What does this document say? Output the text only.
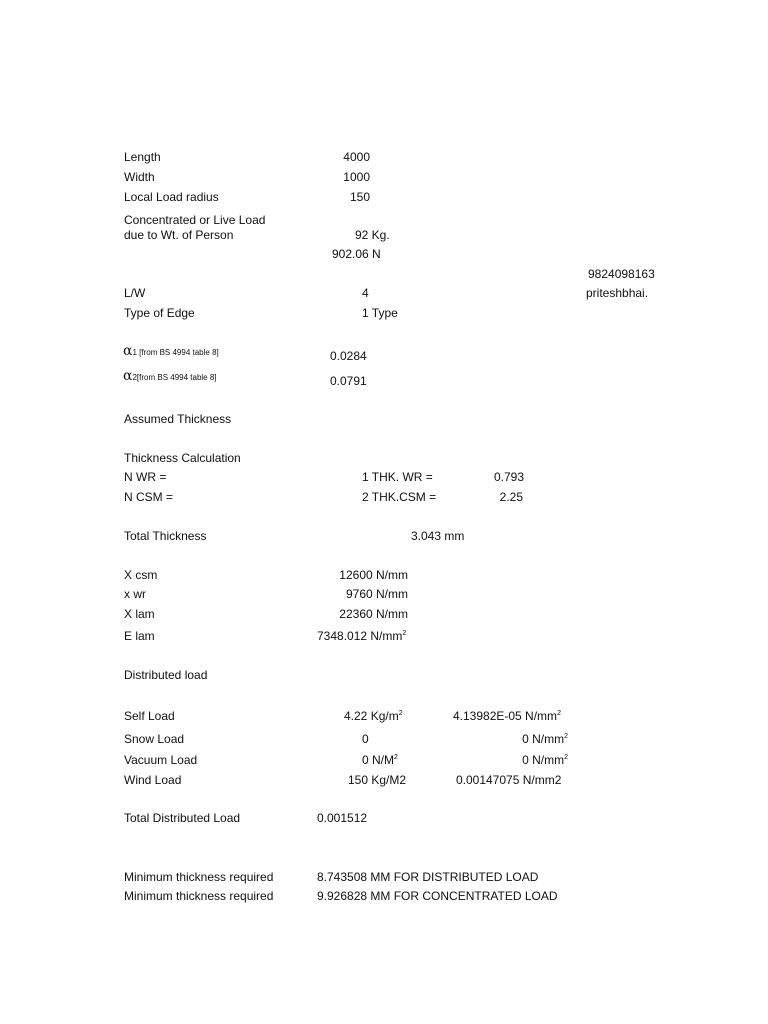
Length	4000
Width	1000
Local Load radius	150
Concentrated or Live Load
due to Wt. of Person	92 Kg.
902.06 N
9824098163
priteshbhai.
L/W	4
Type of Edge	1 Type
α1 [from BS 4994 table 8]	0.0284
α2[from BS 4994 table 8]	0.0791
Assumed Thickness
Thickness Calculation
N WR =	1 THK. WR =	0.793
N CSM =	2 THK.CSM =	2.25
Total Thickness	3.043 mm
X csm	12600 N/mm
x wr	9760 N/mm
X lam	22360 N/mm
E lam	7348.012 $N/mm^2$
Distributed load
Self Load	4.22 $Kg/m^2$	4.13982E-05 $N/mm^2$
Snow Load	0	0 $N/mm^2$
Vacuum Load	0 $N/M^2$	0 $N/mm^2$
Wind Load	150 Kg/M2	0.00147075 N/mm2
Total Distributed Load	0.001512
Minimum thickness required	8.743508 MM FOR DISTRIBUTED LOAD
Minimum thickness required	9.926828 MM FOR CONCENTRATED LOAD
